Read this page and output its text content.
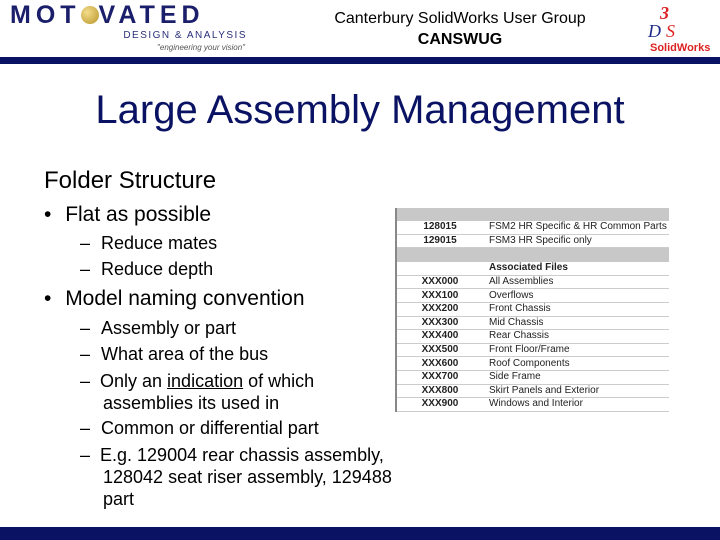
MOT VATED
DESIGN & ANALYSIS
"engineering your vision"
Canterbury SolidWorks User Group
CANSWUG
3
D S
SolidWorks
Large Assembly Management
Folder Structure
• Flat as possible
– Reduce mates
– Reduce depth
• Model naming convention
– Assembly or part
– What area of the bus
–  Only an indication of which assemblies its used in
– Common or differential part
–  E.g. 129004 rear chassis assembly, 128042 seat riser assembly, 129488 part
128015	FSM2 HR Specific & HR Common Parts
129015	FSM3 HR Specific only
Associated Files
XXX000	All Assemblies
XXX100	Overflows
XXX200	Front Chassis
XXX300	Mid Chassis
XXX400	Rear Chassis
XXX500	Front Floor/Frame
XXX600	Roof Components
XXX700	Side Frame
XXX800	Skirt Panels and Exterior
XXX900	Windows and Interior
